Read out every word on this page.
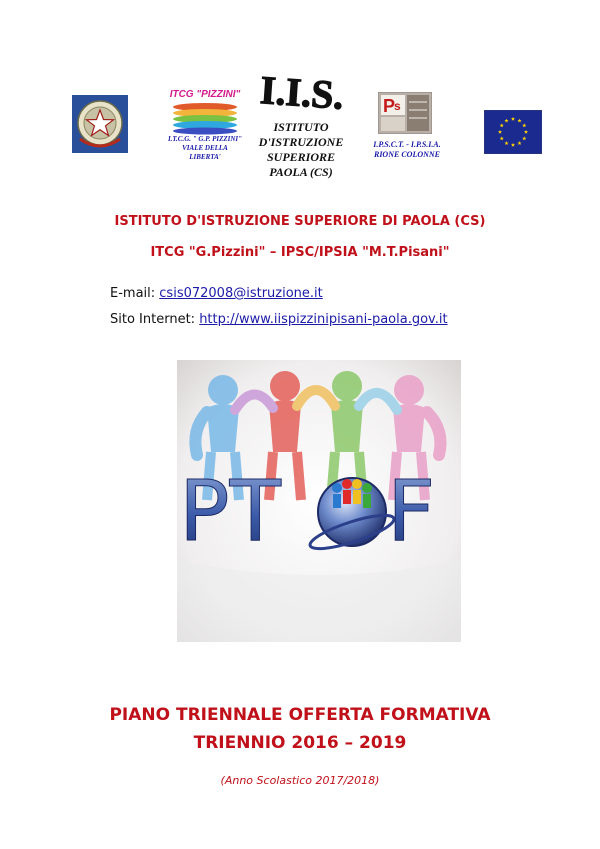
ITCG "PIZZINI"
I.T.C.G. " G.P. PIZZINI"
VIALE DELLA
LIBERTA'
I.I.S.
ISTITUTO
D'ISTRUZIONE
SUPERIORE
PAOLA (CS)
P
s
I.P.S.C.T. - I.P.S.I.A.
RIONE COLONNE
ISTITUTO D'ISTRUZIONE SUPERIORE DI PAOLA (CS)
ITCG "G.Pizzini" – IPSC/IPSIA "M.T.Pisani"
E-mail: csis072008@istruzione.it
Sito Internet: http://www.iispizzinipisani-paola.gov.it
PT F
PIANO TRIENNALE OFFERTA FORMATIVA
TRIENNIO 2016 – 2019
(Anno Scolastico 2017/2018)
